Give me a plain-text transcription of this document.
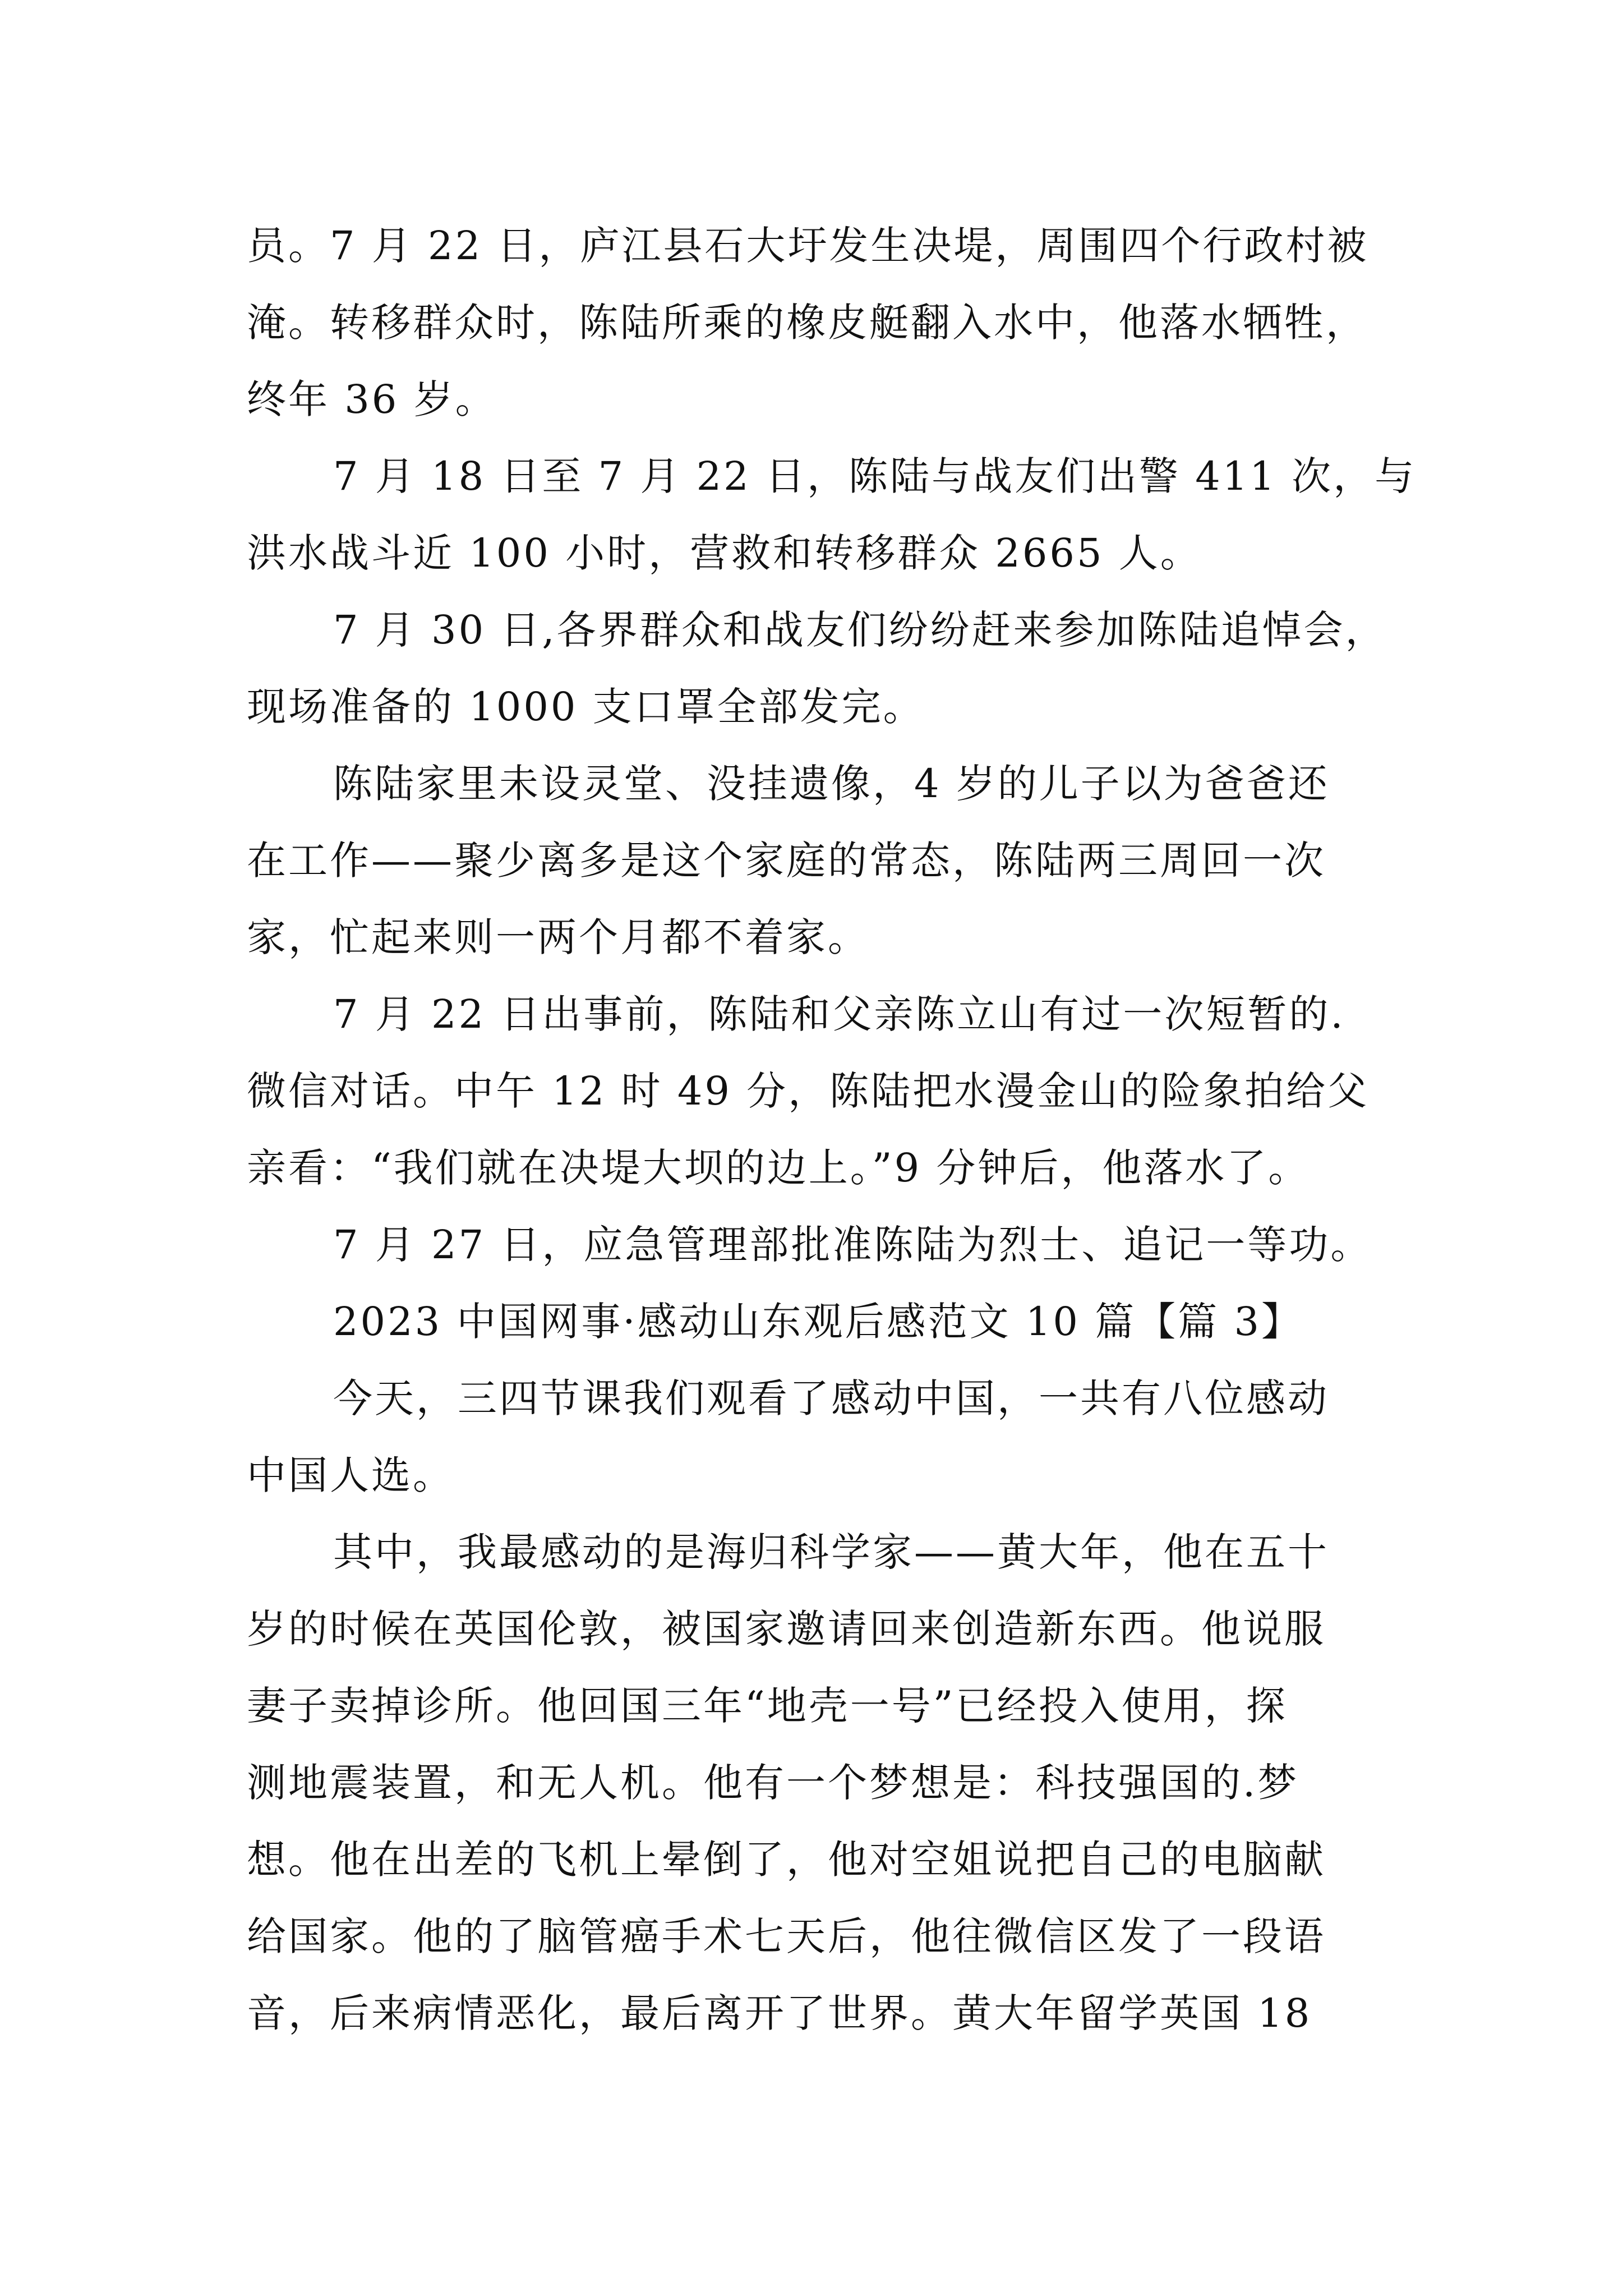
员。7 月 22 日，庐江县石大圩发生决堤，周围四个行政村被

淹。转移群众时，陈陆所乘的橡皮艇翻入水中，他落水牺牲，

终年 36 岁。

7 月 18 日至 7 月 22 日，陈陆与战友们出警 411 次，与

洪水战斗近 100 小时，营救和转移群众 2665 人。

7 月 30 日,各界群众和战友们纷纷赶来参加陈陆追悼会，

现场准备的 1000 支口罩全部发完。

陈陆家里未设灵堂、没挂遗像，4 岁的儿子以为爸爸还

在工作——聚少离多是这个家庭的常态，陈陆两三周回一次

家，忙起来则一两个月都不着家。

7 月 22 日出事前，陈陆和父亲陈立山有过一次短暂的.

微信对话。中午 12 时 49 分，陈陆把水漫金山的险象拍给父

亲看：“我们就在决堤大坝的边上。”9 分钟后，他落水了。

7 月 27 日，应急管理部批准陈陆为烈士、追记一等功。

2023 中国网事·感动山东观后感范文 10 篇【篇 3】

今天，三四节课我们观看了感动中国，一共有八位感动

中国人选。

其中，我最感动的是海归科学家——黄大年，他在五十

岁的时候在英国伦敦，被国家邀请回来创造新东西。他说服

妻子卖掉诊所。他回国三年“地壳一号”已经投入使用，探

测地震装置，和无人机。他有一个梦想是：科技强国的.梦

想。他在出差的飞机上晕倒了，他对空姐说把自己的电脑献

给国家。他的了脑管癌手术七天后，他往微信区发了一段语

音，后来病情恶化，最后离开了世界。黄大年留学英国 18
